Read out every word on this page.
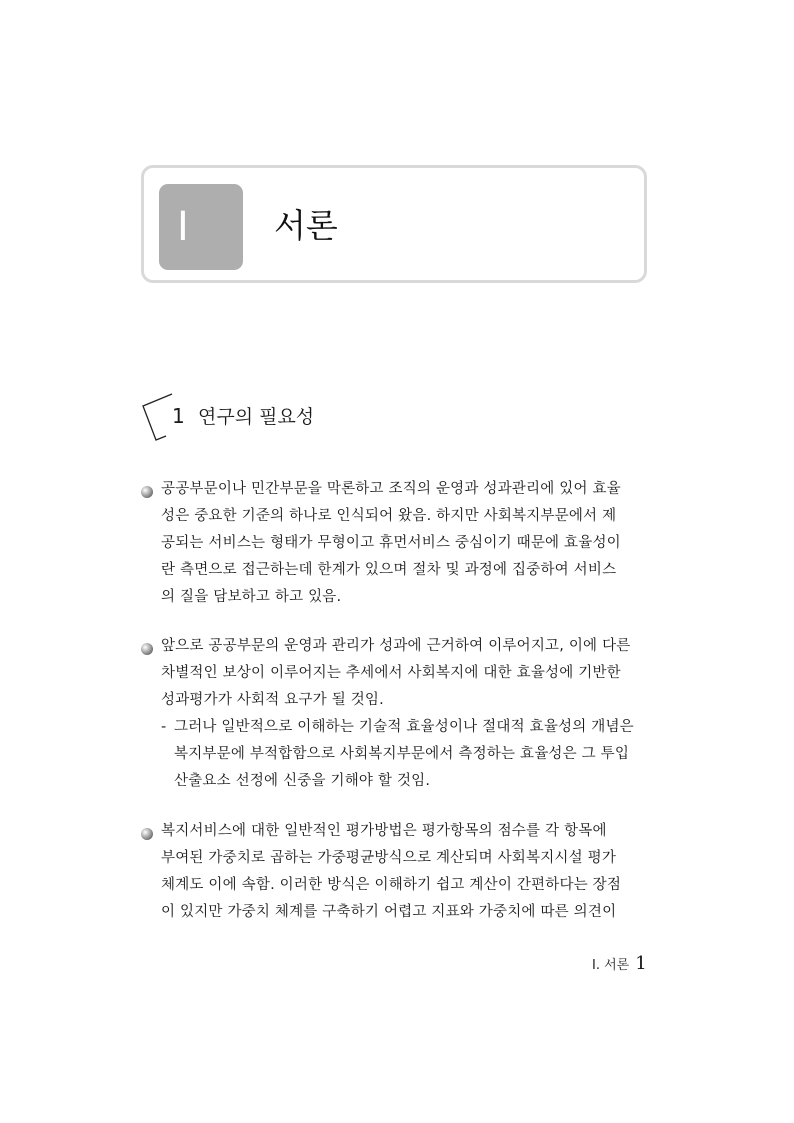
I	서론
1 연구의 필요성
공공부문이나 민간부문을 막론하고 조직의 운영과 성과관리에 있어 효율
성은 중요한 기준의 하나로 인식되어 왔음. 하지만 사회복지부문에서 제
공되는 서비스는 형태가 무형이고 휴먼서비스 중심이기 때문에 효율성이
란 측면으로 접근하는데 한계가 있으며 절차 및 과정에 집중하여 서비스
의 질을 담보하고 하고 있음.
앞으로 공공부문의 운영과 관리가 성과에 근거하여 이루어지고, 이에 다른
차별적인 보상이 이루어지는 추세에서 사회복지에 대한 효율성에 기반한
성과평가가 사회적 요구가 될 것임.
- 그러나 일반적으로 이해하는 기술적 효율성이나 절대적 효율성의 개념은
복지부문에 부적합함으로 사회복지부문에서 측정하는 효율성은 그 투입
산출요소 선정에 신중을 기해야 할 것임.
복지서비스에 대한 일반적인 평가방법은 평가항목의 점수를 각 항목에
부여된 가중치로 곱하는 가중평균방식으로 계산되며 사회복지시설 평가
체계도 이에 속함. 이러한 방식은 이해하기 쉽고 계산이 간편하다는 장점
이 있지만 가중치 체계를 구축하기 어렵고 지표와 가중치에 따른 의견이
Ⅰ. 서론 1
